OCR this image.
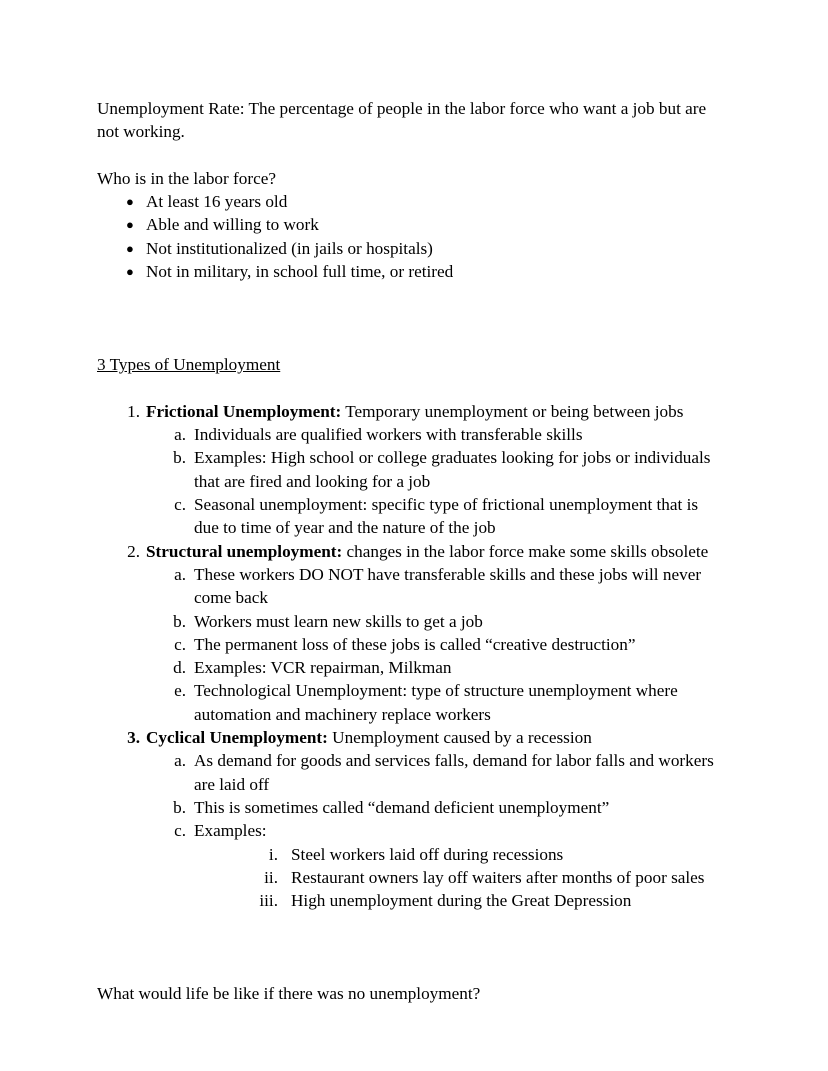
Unemployment Rate: The percentage of people in the labor force who want a job but are not working.

Who is in the labor force?

● At least 16 years old
● Able and willing to work
● Not institutionalized (in jails or hospitals)
● Not in military, in school full time, or retired
3 Types of Unemployment
1. Frictional Unemployment: Temporary unemployment or being between jobs
a. Individuals are qualified workers with transferable skills
b. Examples: High school or college graduates looking for jobs or individuals that are fired and looking for a job
c. Seasonal unemployment: specific type of frictional unemployment that is due to time of year and the nature of the job
2. Structural unemployment: changes in the labor force make some skills obsolete
a. These workers DO NOT have transferable skills and these jobs will never come back
b. Workers must learn new skills to get a job
c. The permanent loss of these jobs is called “creative destruction”
d. Examples: VCR repairman, Milkman
e. Technological Unemployment: type of structure unemployment where automation and machinery replace workers
3. Cyclical Unemployment: Unemployment caused by a recession
a. As demand for goods and services falls, demand for labor falls and workers are laid off
b. This is sometimes called “demand deficient unemployment”
c. Examples:
i. Steel workers laid off during recessions
ii. Restaurant owners lay off waiters after months of poor sales
iii. High unemployment during the Great Depression

What would life be like if there was no unemployment?
